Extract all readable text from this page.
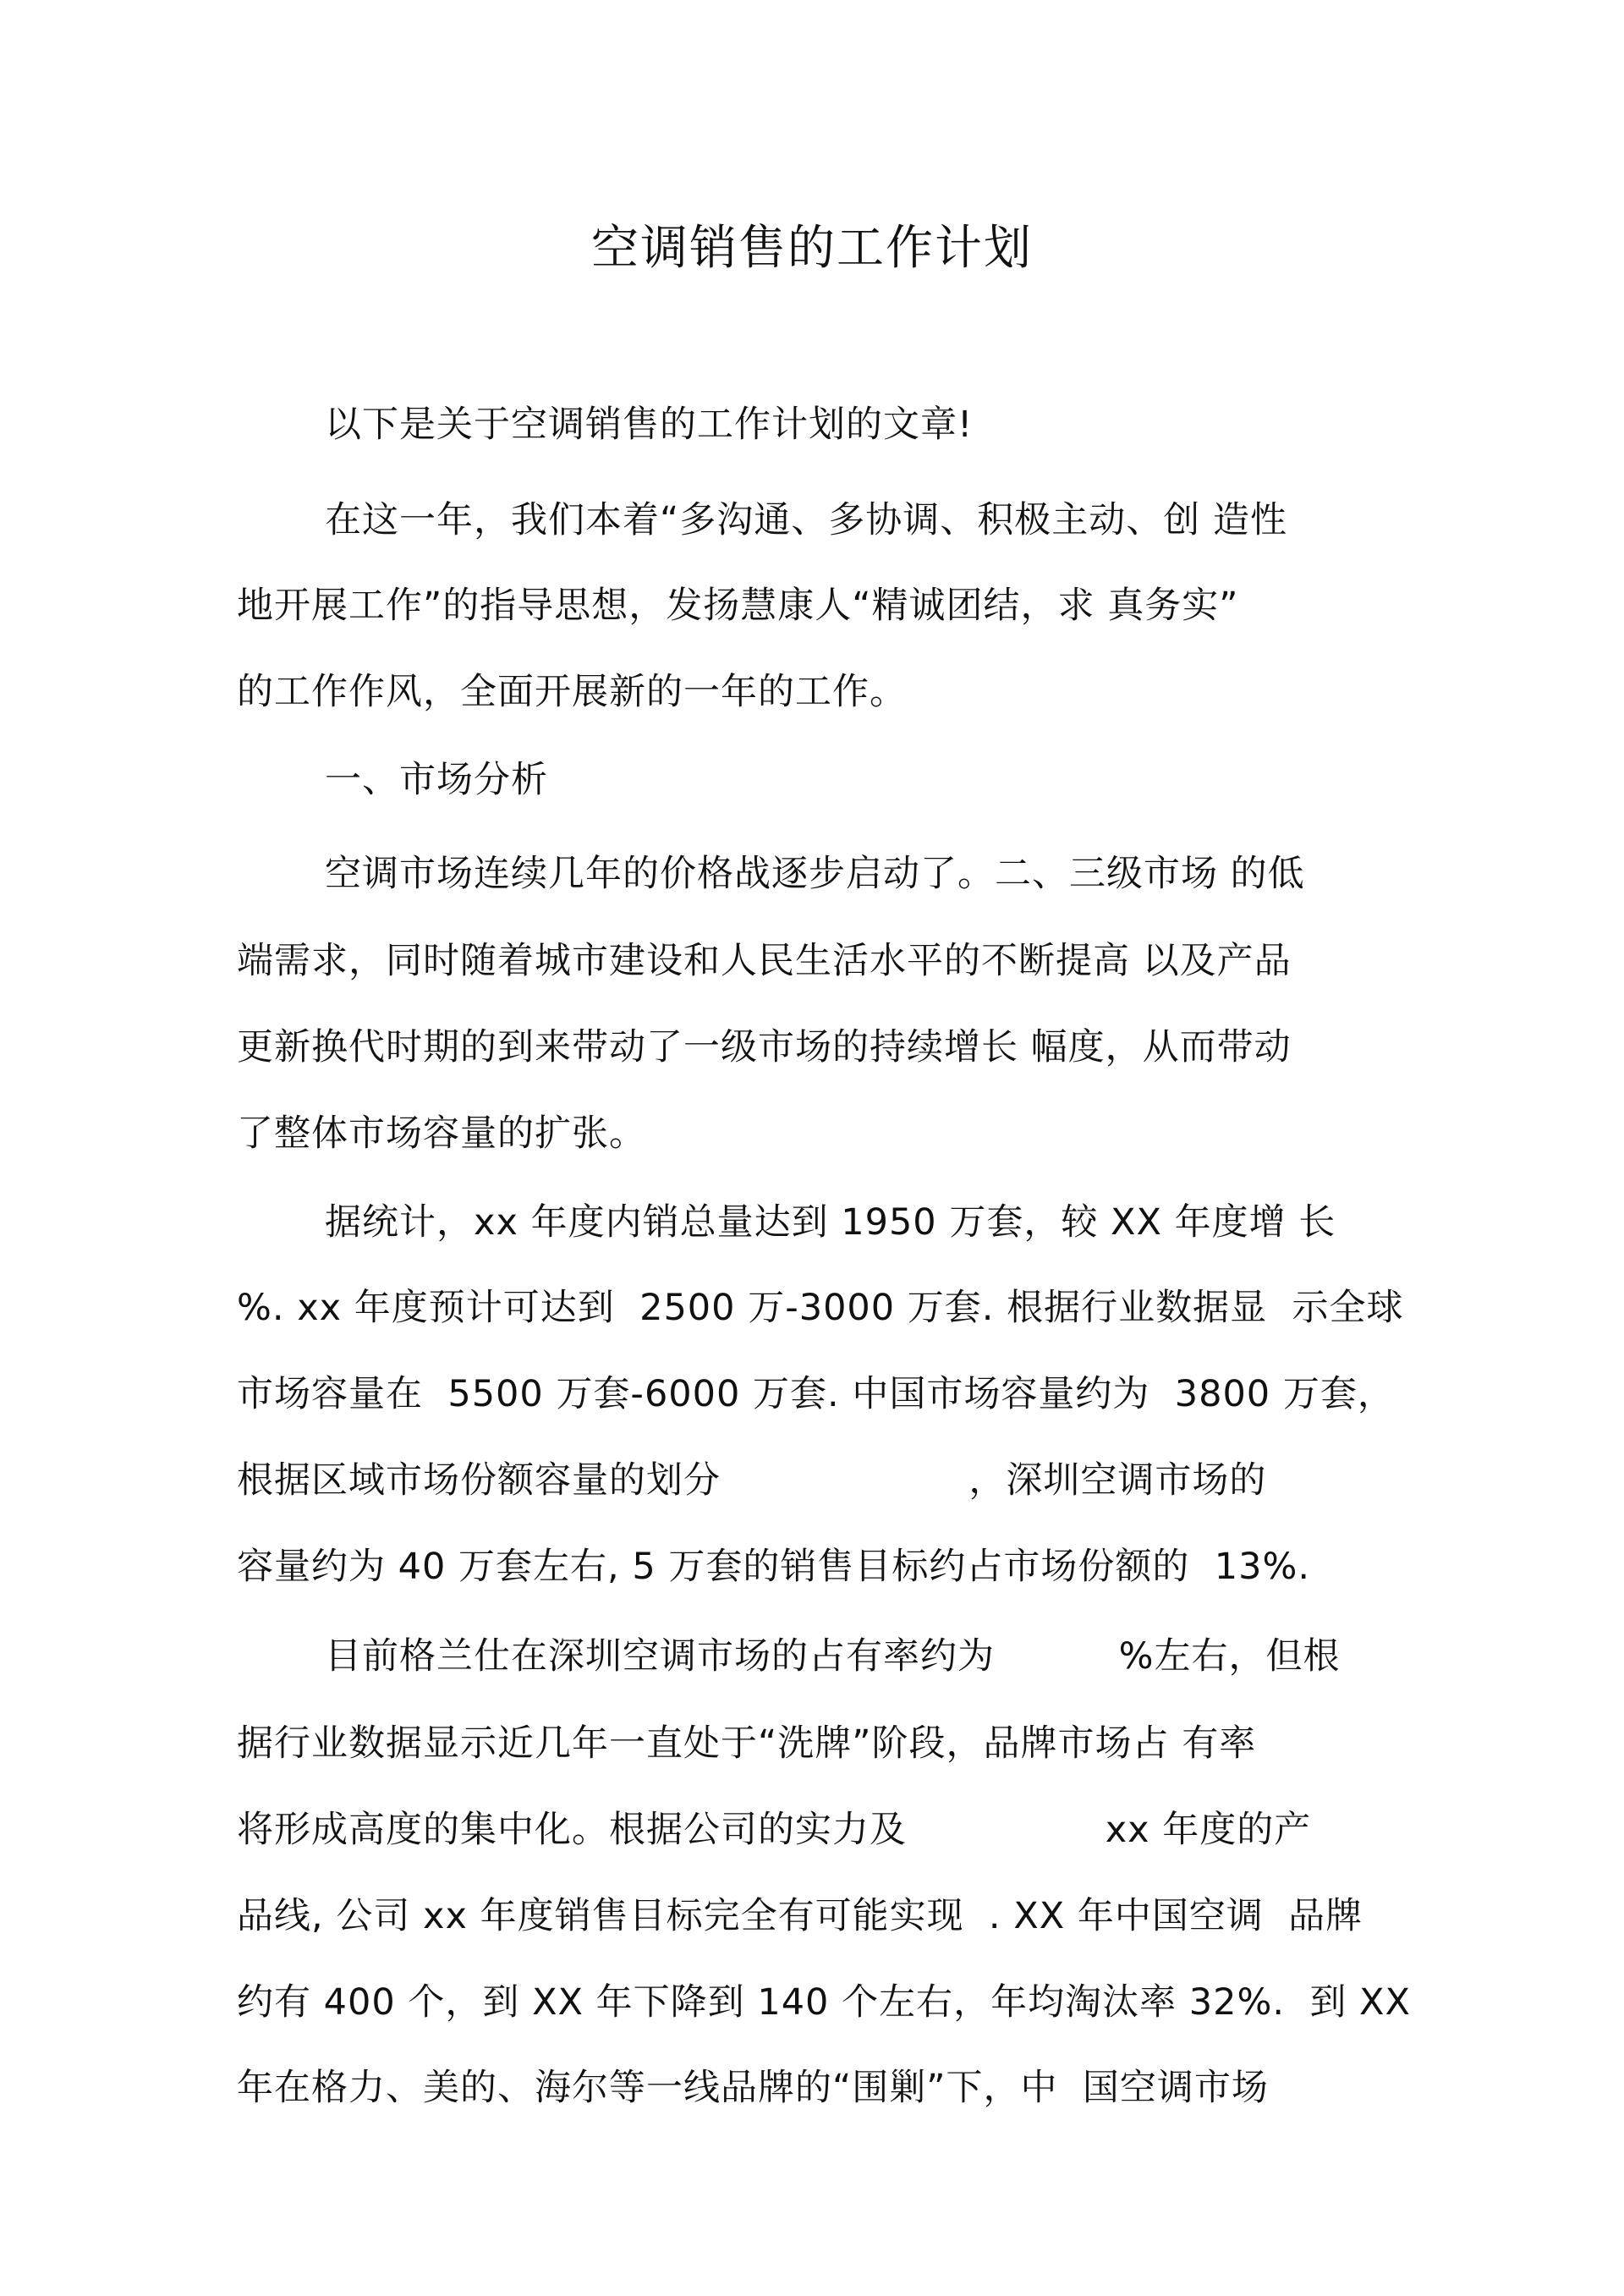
空调销售的工作计划
以下是关于空调销售的工作计划的文章!
在这一年，我们本着“多沟通、多协调、积极主动、创 造性
地开展工作”的指导思想，发扬慧康人“精诚团结，求 真务实”
的工作作风，全面开展新的一年的工作。
一、市场分析
空调市场连续几年的价格战逐步启动了。二、三级市场 的低
端需求，同时随着城市建设和人民生活水平的不断提高 以及产品
更新换代时期的到来带动了一级市场的持续增长 幅度，从而带动
了整体市场容量的扩张。
据统计，xx 年度内销总量达到 1950 万套，较 XX 年度增 长
%. xx 年度预计可达到  2500 万-3000 万套. 根据行业数据显  示全球
市场容量在  5500 万套-6000 万套. 中国市场容量约为  3800 万套，
根据区域市场份额容量的划分                    ，深圳空调市场的
容量约为 40 万套左右, 5 万套的销售目标约占市场份额的  13%.
目前格兰仕在深圳空调市场的占有率约为          %左右，但根
据行业数据显示近几年一直处于“洗牌”阶段，品牌市场占 有率
将形成高度的集中化。根据公司的实力及                xx 年度的产
品线, 公司 xx 年度销售目标完全有可能实现  . XX 年中国空调  品牌
约有 400 个，到 XX 年下降到 140 个左右，年均淘汰率 32%.  到 XX
年在格力、美的、海尔等一线品牌的“围剿”下，中  国空调市场
